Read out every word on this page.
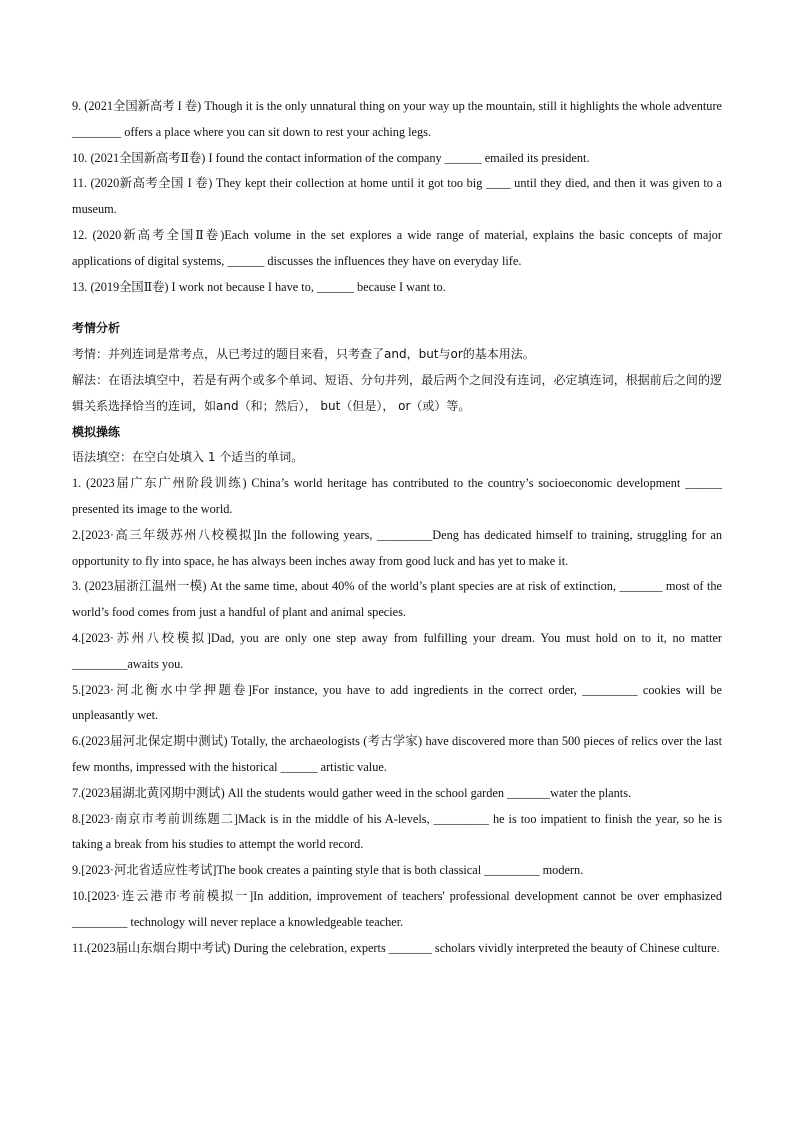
9. (2021全国新高考 I 卷) Though it is the only unnatural thing on your way up the mountain, still it highlights the whole adventure ________ offers a place where you can sit down to rest your aching legs.

10. (2021全国新高考Ⅱ卷) I found the contact information of the company ______ emailed its president.

11. (2020新高考全国 I 卷) They kept their collection at home until it got too big ____ until they died, and then it was given to a museum.

12. (2020新高考全国Ⅱ卷)Each volume in the set explores a wide range of material, explains the basic concepts of major applications of digital systems, ______ discusses the influences they have on everyday life.

13. (2019全国Ⅱ卷) I work not because I have to, ______ because I want to.

考情分析

考情：并列连词是常考点，从已考过的题目来看，只考查了and，but与or的基本用法。

解法：在语法填空中，若是有两个或多个单词、短语、分句并列，最后两个之间没有连词，必定填连词，根据前后之间的逻辑关系选择恰当的连词，如and（和；然后）， but（但是）， or（或）等。

模拟操练

语法填空：在空白处填入 1 个适当的单词。

1. (2023届广东广州阶段训练) China’s world heritage has contributed to the country’s socioeconomic development ______ presented its image to the world.

2.[2023·高三年级苏州八校模拟]In the following years, _________Deng has dedicated himself to training, struggling for an opportunity to fly into space, he has always been inches away from good luck and has yet to make it.

3. (2023届浙江温州一模) At the same time, about 40% of the world’s plant species are at risk of extinction, _______ most of the world’s food comes from just a handful of plant and animal species.

4.[2023·苏州八校模拟]Dad, you are only one step away from fulfilling your dream. You must hold on to it, no matter _________awaits you.

5.[2023·河北衡水中学押题卷]For instance, you have to add ingredients in the correct order, _________ cookies will be unpleasantly wet.

6.(2023届河北保定期中测试) Totally, the archaeologists (考古学家) have discovered more than 500 pieces of relics over the last few months, impressed with the historical ______ artistic value.

7.(2023届湖北黄冈期中测试) All the students would gather weed in the school garden _______water the plants.

8.[2023·南京市考前训练题二]Mack is in the middle of his A-levels, _________ he is too impatient to finish the year, so he is taking a break from his studies to attempt the world record.

9.[2023·河北省适应性考试]The book creates a painting style that is both classical _________ modern.

10.[2023·连云港市考前模拟一]In addition, improvement of teachers' professional development cannot be over emphasized _________ technology will never replace a knowledgeable teacher.

11.(2023届山东烟台期中考试) During the celebration, experts _______ scholars vividly interpreted the beauty of Chinese culture.
